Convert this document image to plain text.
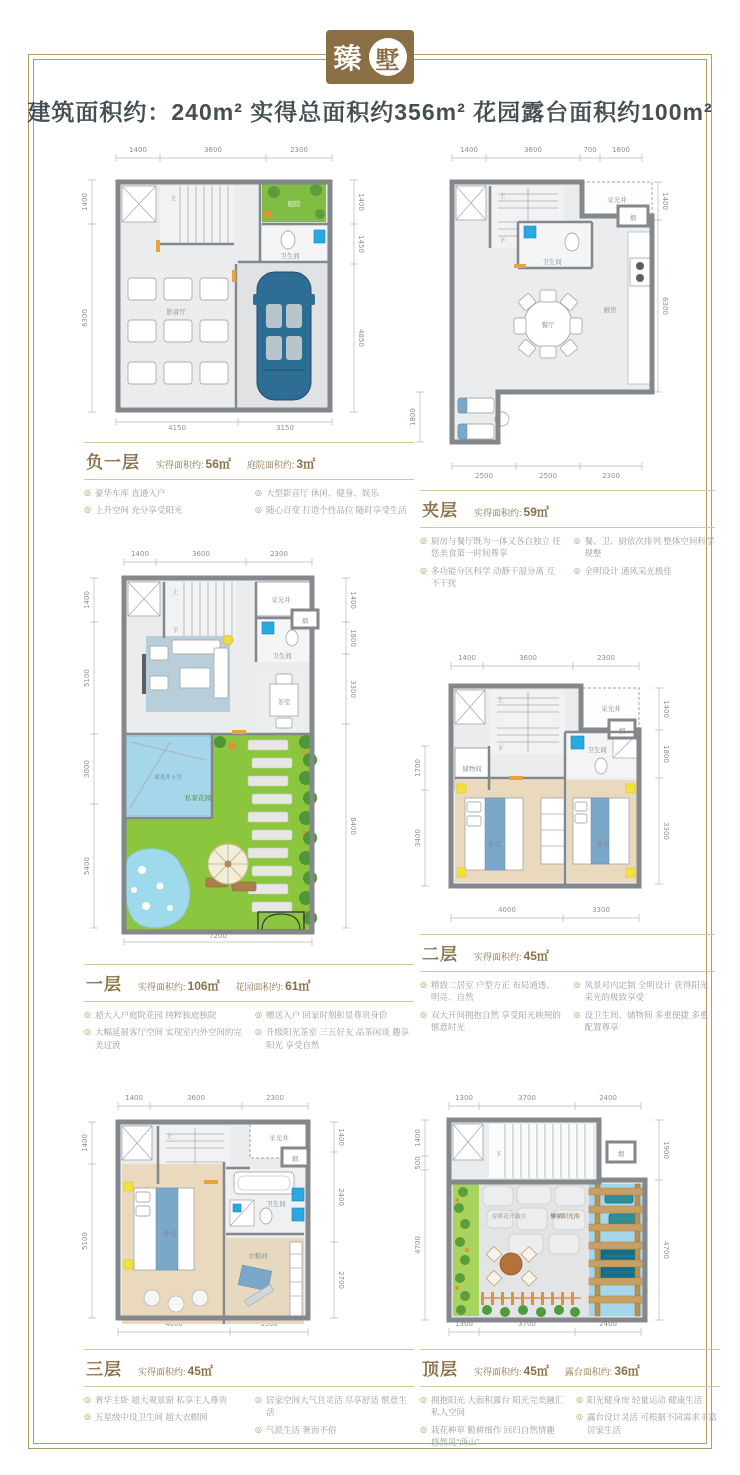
臻 墅
建筑面积约：240m² 实得总面积约356m² 花园露台面积约100m²
1400	3600	2300
1400
6300
1400
1450
4850
4150	3150
庭院
卫生间
上
影音厅
1400	3600	700 1600
1400
6300
1800
2500	2500	2300
采光井
上
下
卫生间
厨房
餐厅
烟
1400	3600	2300
1400
5100
3000
5400
1400
1800
3300
8400
7200
上
下
采光井
卫生间
客厅
茶室
采光井上空
私家花园
烟
1400	3600	2300
1700
3400
1400
1800
3300
4000	3300
采光井
上
下
储物间
卫生间
卧室	卧室
烟
1400	3600	2300
1400
5100
1400
2400
2700
采光井
上
卫生间
卧室
衣帽间
烟
1300	3700	2400
1400
500
4700
1900
4700
1300	3700	2400
春暖花开露台	懒躺阳光浴
下	烟
负一层 实得面积约: 56㎡ 庭院面积约: 3㎡
◎ 豪华车库 直通入户
◎ 上升空间 充分享受阳光
◎ 大型影音厅 休闲、健身、娱乐
◎ 随心百变 打造个性品位 随时享受生活 夹层 实得面积约: 59㎡
◎ 厨房与餐厅既为一体又各自独立 任您美食第一时间尊享
◎ 多功能分区科学 动静干湿分离 互不干扰
◎ 餐、卫、厨依次排列 整体空间科学规整
◎ 全明设计 通风采光极佳
一层 实得面积约: 106㎡ 花园面积约: 61㎡
◎ 超大入户庭院花园 纯粹独庭独院
◎ 大幅延展客厅空间 实现室内外空间的完美过渡
◎ 赠送入户 回家时刻彰显尊贵身价
◎ 升级阳光茶室 三五好友 品茶闲谈 趣享阳光 享受自然
二层 实得面积约: 45㎡
◎ 精致二居室 户型方正 布局通透、明亮、自然
◎ 双大开间拥抱自然 享受阳光映照的惬意时光
◎ 风景对内定制 全明设计 获得阳光采光的极致享受
◎ 设卫生间、储物间 多重便捷 多重配置尊享
三层 实得面积约: 45㎡
◎ 奢华主卧 超大观景窗 私享主人尊贵
◎ 五星级中设卫生间 超大衣帽间
◎ 居家空间大气且灵活 尽享舒适 惬意生活
◎ 气派生活 奢而不俗
顶层 实得面积约: 45㎡ 露台面积约: 36㎡
◎ 拥抱阳光 大面积露台 阳光完美融汇私人空间
◎ 栽花种草 勤耕细作 回归自然情趣 悠然见“西山”
◎ 阳光健身房 轻量运动 健康生活
◎ 露台设计灵活 可根据不同需求丰富居家生活
